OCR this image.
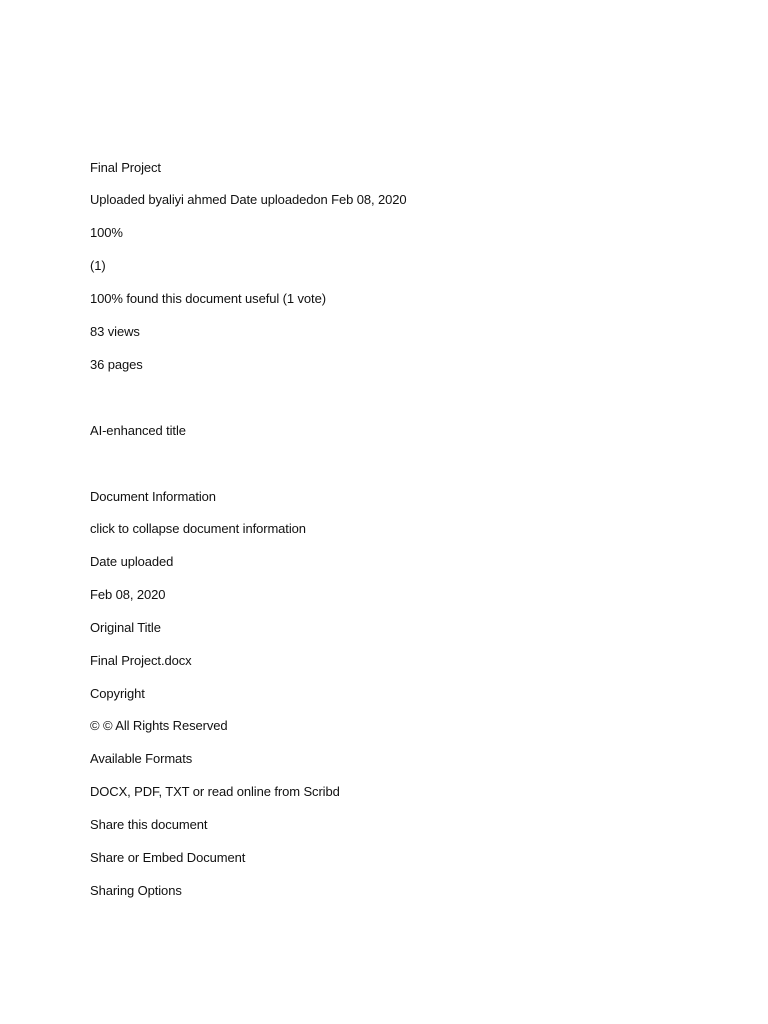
Final Project
Uploaded byaliyi ahmed Date uploadedon Feb 08, 2020
100%
(1)
100% found this document useful (1 vote)
83 views
36 pages
AI-enhanced title
Document Information
click to collapse document information
Date uploaded
Feb 08, 2020
Original Title
Final Project.docx
Copyright
© © All Rights Reserved
Available Formats
DOCX, PDF, TXT or read online from Scribd
Share this document
Share or Embed Document
Sharing Options
